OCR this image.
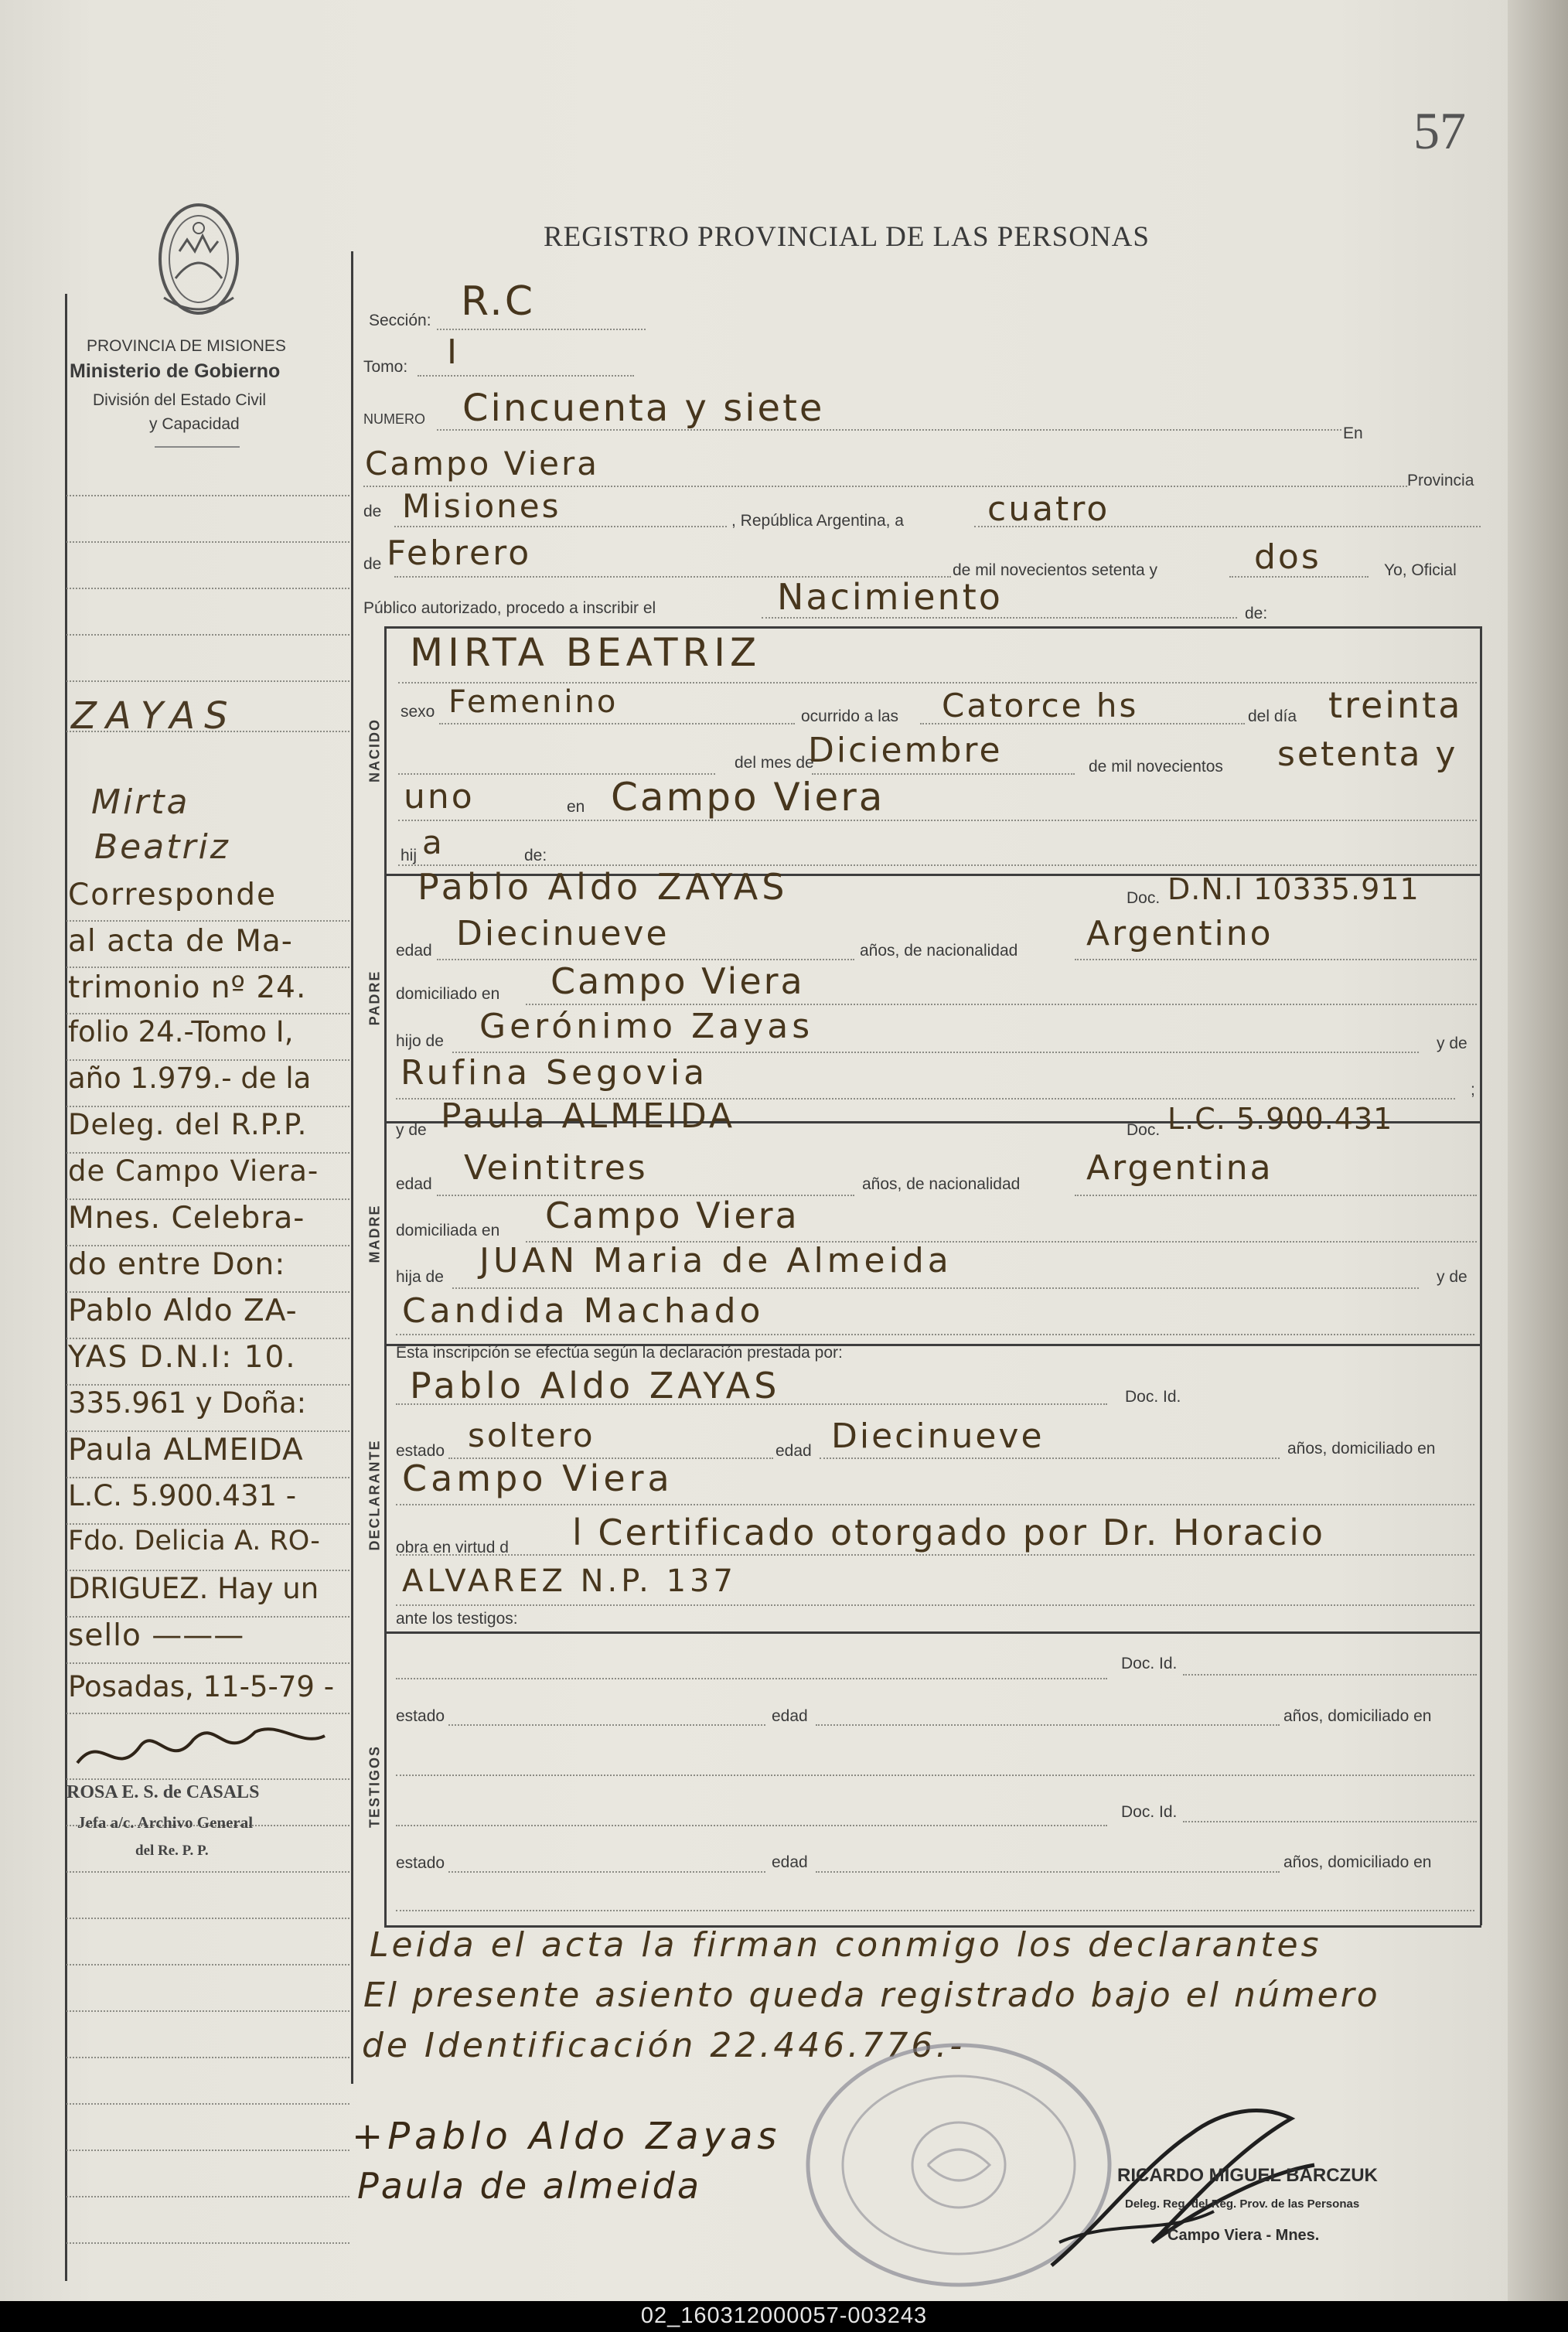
57
REGISTRO PROVINCIAL DE LAS PERSONAS
PROVINCIA DE MISIONES
Ministerio de Gobierno
División del Estado Civil
y Capacidad
NACIDO
PADRE
MADRE
DECLARANTE
TESTIGOS
Sección: R.C
Tomo: I
NUMERO
En
Cincuenta y siete
Provincia
Campo Viera
de
, República Argentina, a
Misiones	cuatro
de	de mil novecientos setenta y	Yo, Oficial
Febrero	dos
Público autorizado, procedo a inscribir el	de:
Nacimiento
MIRTA BEATRIZ
sexo	ocurrido a las	del día
Femenino	Catorce hs	treinta
del mes de	de mil novecientos
Diciembre	setenta y
uno	en Campo Viera
hij a	de:
Pablo Aldo ZAYAS	Doc. D.N.I 10335.911
edad	años, de nacionalidad
Diecinueve	Argentino
domiciliado en Campo Viera
hijo de	y de
Gerónimo Zayas
;
Rufina Segovia
y de Paula ALMEIDA	Doc. L.C. 5.900.431
edad	años, de nacionalidad
Veintitres	Argentina
domiciliada en Campo Viera
hija de	y de
JUAN Maria de Almeida
Candida Machado
Esta inscripción se efectúa según la declaración prestada por:
Pablo Aldo ZAYAS	Doc. Id.
estado	edad	años, domiciliado en
soltero	Diecinueve
Campo Viera
obra en virtud d l Certificado otorgado por Dr. Horacio
ALVAREZ N.P. 137
ante los testigos:
Doc. Id.
estado	edad	años, domiciliado en
Doc. Id.
estado	edad	años, domiciliado en
Leida el acta la firman conmigo los declarantes
El presente asiento queda registrado bajo el número
de Identificación 22.446.776.-
+Pablo Aldo Zayas
Paula de almeida	RICARDO MIGUEL BARCZUK
Deleg. Reg. del Reg. Prov. de las Personas
Campo Viera - Mnes.
ZAYAS
Mirta
Beatriz
Corresponde
al acta de Ma-
trimonio nº 24.
folio 24.-Tomo I,
año 1.979.- de la
Deleg. del R.P.P.
de Campo Viera-
Mnes. Celebra-
do entre Don:
Pablo Aldo ZA-
YAS D.N.I: 10.
335.961 y Doña:
Paula ALMEIDA
L.C. 5.900.431 -
Fdo. Delicia A. RO-
DRIGUEZ. Hay un
sello ———
Posadas, 11-5-79 -
ROSA E. S. de CASALS
Jefa a/c. Archivo General
del Re. P. P.
02_160312000057-003243
